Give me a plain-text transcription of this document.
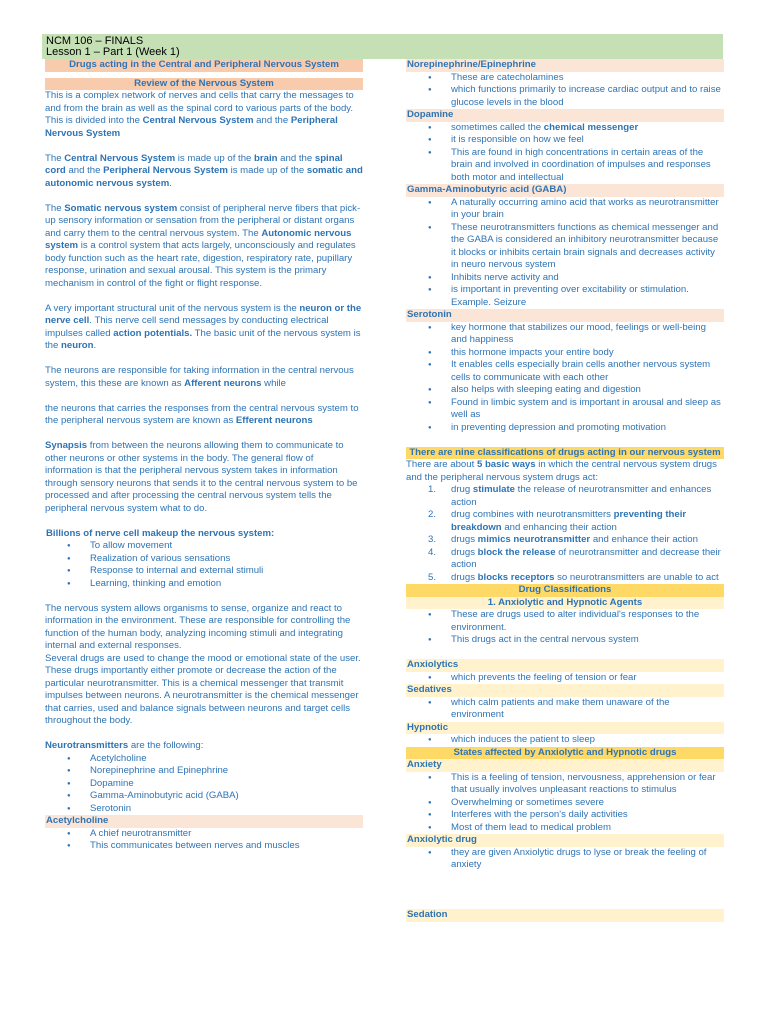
NCM 106 – FINALS
Lesson 1 – Part 1 (Week 1)
Drugs acting in the Central and Peripheral Nervous System
Review of the Nervous System

This is a complex network of nerves and cells that carry the messages to and from the brain as well as the spinal cord to various parts of the body. This is divided into the Central Nervous System and the Peripheral Nervous System

The Central Nervous System is made up of the brain and the spinal cord and the Peripheral Nervous System is made up of the somatic and autonomic nervous system.

The Somatic nervous system consist of peripheral nerve fibers that pick-up sensory information or sensation from the peripheral or distant organs and carry them to the central nervous system. The Autonomic nervous system is a control system that acts largely, unconsciously and regulates body function such as the heart rate, digestion, respiratory rate, pupillary response, urination and sexual arousal. This system is the primary mechanism in control of the fight or flight response.

A very important structural unit of the nervous system is the neuron or the nerve cell. This nerve cell send messages by conducting electrical impulses called action potentials. The basic unit of the nervous system is the neuron.

The neurons are responsible for taking information in the central nervous system, this these are known as Afferent neurons while

the neurons that carries the responses from the central nervous system to the peripheral nervous system are known as Efferent neurons

Synapsis from between the neurons allowing them to communicate to other neurons or other systems in the body. The general flow of information is that the peripheral nervous system takes in information through sensory neurons that sends it to the central nervous system to be processed and after processing the central nervous system tells the peripheral nervous system what to do.

Billions of nerve cell makeup the nervous system:
● To allow movement
● Realization of various sensations
● Response to internal and external stimuli
● Learning, thinking and emotion

The nervous system allows organisms to sense, organize and react to information in the environment. These are responsible for controlling the function of the human body, analyzing incoming stimuli and integrating internal and external responses.

Several drugs are used to change the mood or emotional state of the user. These drugs importantly either promote or decrease the action of the particular neurotransmitter. This is a chemical messenger that transmit impulses between neurons. A neurotransmitter is the chemical messenger that carries, used and balance signals between neurons and target cells throughout the body.

Neurotransmitters are the following:

● Acetylcholine
● Norepinephrine and Epinephrine
● Dopamine
● Gamma-Aminobutyric acid (GABA)
● Serotonin
Acetylcholine
● A chief neurotransmitter
● This communicates between nerves and muscles
Norepinephrine/Epinephrine
● These are catecholamines
● which functions primarily to increase cardiac output and to raise glucose levels in the blood
Dopamine
● sometimes called the chemical messenger
● it is responsible on how we feel
● This are found in high concentrations in certain areas of the brain and involved in coordination of impulses and responses both motor and intellectual
Gamma-Aminobutyric acid (GABA)
● A naturally occurring amino acid that works as neurotransmitter in your brain
● These neurotransmitters functions as chemical messenger and the GABA is considered an inhibitory neurotransmitter because it blocks or inhibits certain brain signals and decreases activity in neuro nervous system
● Inhibits nerve activity and
● is important in preventing over excitability or stimulation. Example. Seizure
Serotonin
● key hormone that stabilizes our mood, feelings or well-being and happiness
● this hormone impacts your entire body
● It enables cells especially brain cells another nervous system cells to communicate with each other
● also helps with sleeping eating and digestion
● Found in limbic system and is important in arousal and sleep as well as
● in preventing depression and promoting motivation
There are nine classifications of drugs acting in our nervous system

There are about 5 basic ways in which the central nervous system drugs and the peripheral nervous system drugs act:

1. drug stimulate the release of neurotransmitter and enhances action
2. drug combines with neurotransmitters preventing their breakdown and enhancing their action
3. drugs mimics neurotransmitter and enhance their action
4. drugs block the release of neurotransmitter and decrease their action
5. drugs blocks receptors so neurotransmitters are unable to act
Drug Classifications
1. Anxiolytic and Hypnotic Agents
● These are drugs used to alter individual's responses to the environment.
● This drugs act in the central nervous system
Anxiolytics
● which prevents the feeling of tension or fear
Sedatives
● which calm patients and make them unaware of the environment
Hypnotic
● which induces the patient to sleep
States affected by Anxiolytic and Hypnotic drugs
Anxiety
● This is a feeling of tension, nervousness, apprehension or fear that usually involves unpleasant reactions to stimulus
● Overwhelming or sometimes severe
● Interferes with the person's daily activities
● Most of them lead to medical problem
Anxiolytic drug
● they are given Anxiolytic drugs to lyse or break the feeling of anxiety
Sedation
